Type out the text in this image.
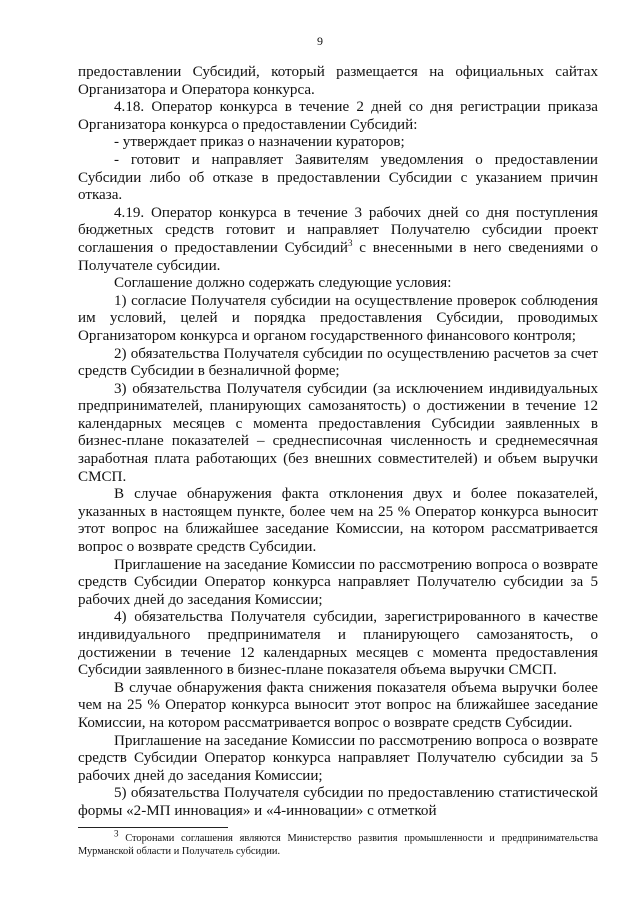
9

предоставлении Субсидий, который размещается на официальных сайтах Организатора и Оператора конкурса.

4.18. Оператор конкурса в течение 2 дней со дня регистрации приказа Организатора конкурса о предоставлении Субсидий:

- утверждает приказ о назначении кураторов;

- готовит и направляет Заявителям уведомления о предоставлении Субсидии либо об отказе в предоставлении Субсидии с указанием причин отказа.

4.19. Оператор конкурса в течение 3 рабочих дней со дня поступления бюджетных средств готовит и направляет Получателю субсидии проект соглашения о предоставлении Субсидий$^3$ с внесенными в него сведениями о Получателе субсидии.

Соглашение должно содержать следующие условия:

1) согласие Получателя субсидии на осуществление проверок соблюдения им условий, целей и порядка предоставления Субсидии, проводимых Организатором конкурса и органом государственного финансового контроля;

2) обязательства Получателя субсидии по осуществлению расчетов за счет средств Субсидии в безналичной форме;

3) обязательства Получателя субсидии (за исключением индивидуальных предпринимателей, планирующих самозанятость) о достижении в течение 12 календарных месяцев с момента предоставления Субсидии заявленных в бизнес-плане показателей – среднесписочная численность и среднемесячная заработная плата работающих (без внешних совместителей) и объем выручки СМСП.

В случае обнаружения факта отклонения двух и более показателей, указанных в настоящем пункте, более чем на 25 % Оператор конкурса выносит этот вопрос на ближайшее заседание Комиссии, на котором рассматривается вопрос о возврате средств Субсидии.

Приглашение на заседание Комиссии по рассмотрению вопроса о возврате средств Субсидии Оператор конкурса направляет Получателю субсидии за 5 рабочих дней до заседания Комиссии;

4) обязательства Получателя субсидии, зарегистрированного в качестве индивидуального предпринимателя и планирующего самозанятость, о достижении в течение 12 календарных месяцев с момента предоставления Субсидии заявленного в бизнес-плане показателя объема выручки СМСП.

В случае обнаружения факта снижения показателя объема выручки более чем на 25 % Оператор конкурса выносит этот вопрос на ближайшее заседание Комиссии, на котором рассматривается вопрос о возврате средств Субсидии.

Приглашение на заседание Комиссии по рассмотрению вопроса о возврате средств Субсидии Оператор конкурса направляет Получателю субсидии за 5 рабочих дней до заседания Комиссии;

5) обязательства Получателя субсидии по предоставлению статистической формы «2-МП инновация» и «4-инновации» с отметкой

$^3$ Сторонами соглашения являются Министерство развития промышленности и предпринимательства Мурманской области и Получатель субсидии.
